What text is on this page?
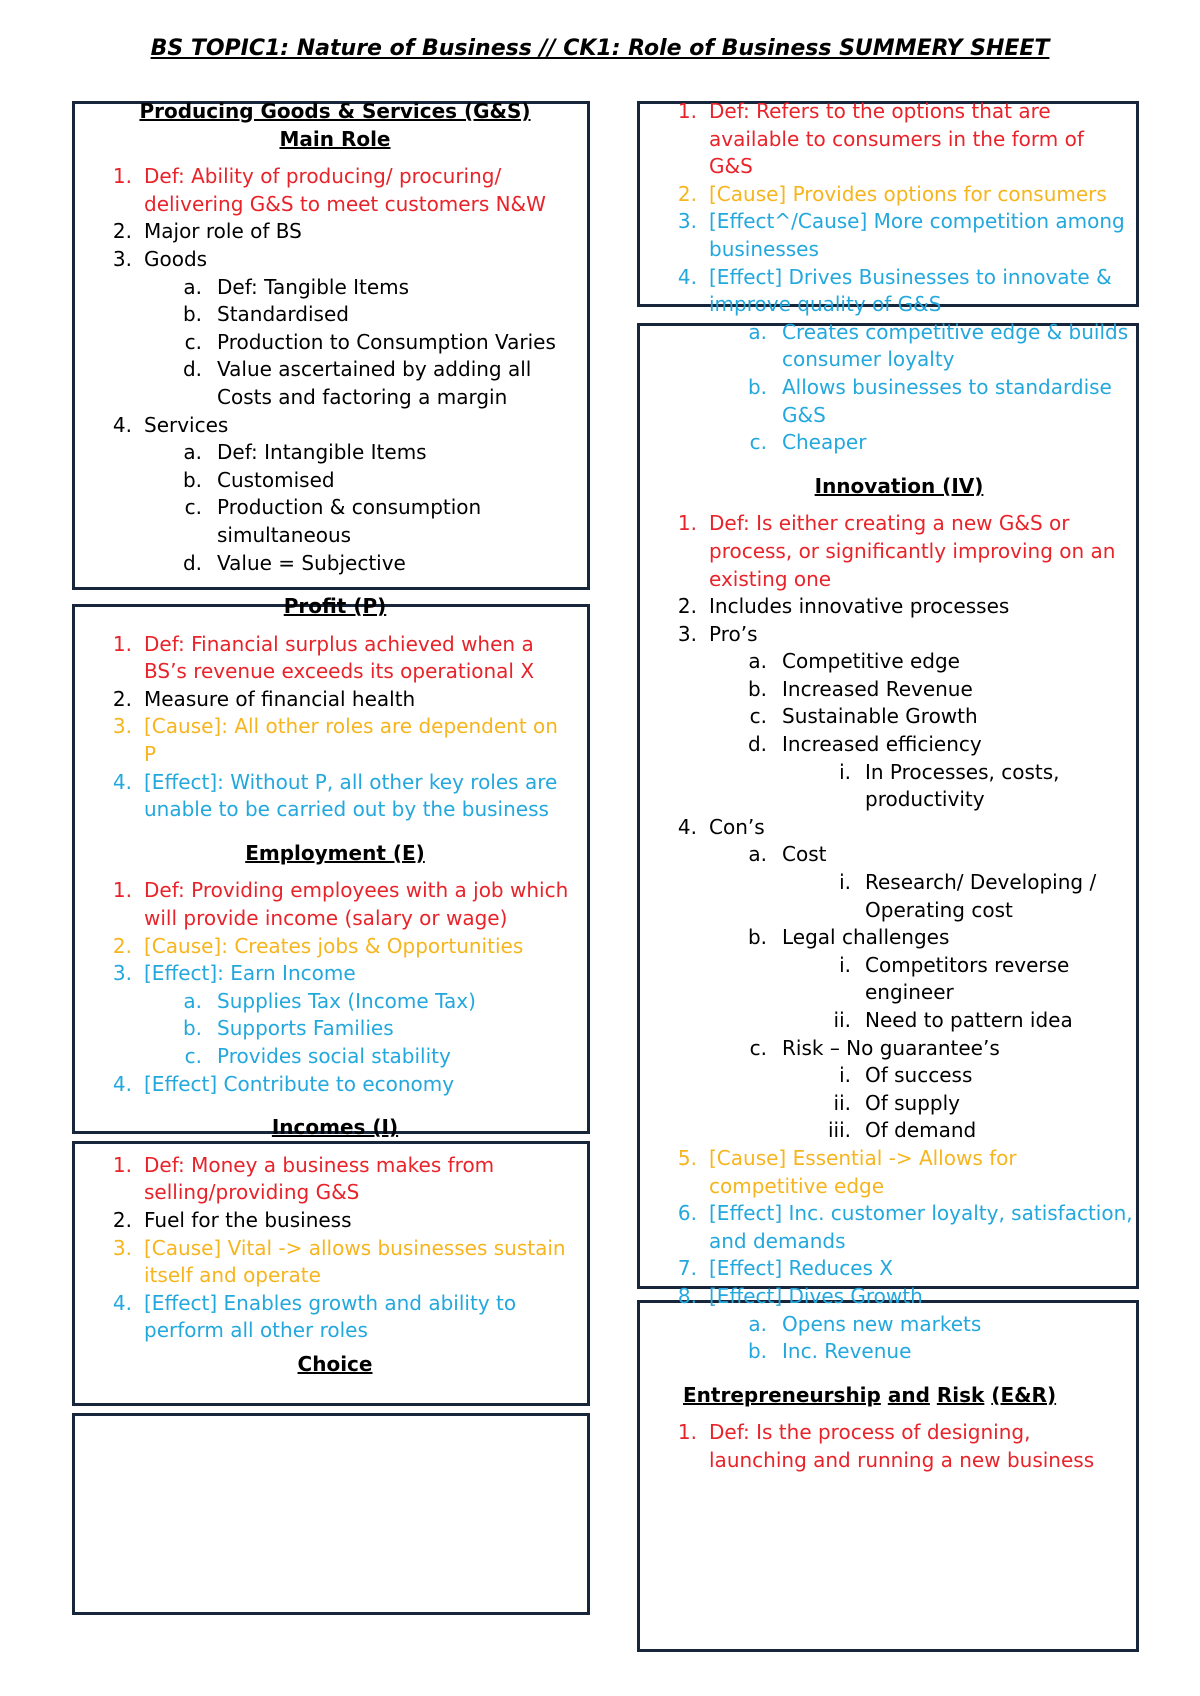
BS TOPIC1: Nature of Business // CK1: Role of Business SUMMERY SHEET
Producing Goods & Services (G&S)
Main Role
1. Def: Ability of producing/ procuring/ delivering G&S to meet customers N&W
2. Major role of BS
3. Goods
a. Def: Tangible Items
b. Standardised
c. Production to Consumption Varies
d. Value ascertained by adding all Costs and factoring a margin
4. Services
a. Def: Intangible Items
b. Customised
c. Production & consumption simultaneous
d. Value = Subjective
Profit (P)
1. Def: Financial surplus achieved when a BS’s revenue exceeds its operational X
2. Measure of financial health
3. [Cause]: All other roles are dependent on P
4. [Effect]: Without P, all other key roles are unable to be carried out by the business
Employment (E)
1. Def: Providing employees with a job which will provide income (salary or wage)
2. [Cause]: Creates jobs & Opportunities
3. [Effect]: Earn Income
a. Supplies Tax (Income Tax)
b. Supports Families
c. Provides social stability
4. [Effect] Contribute to economy
Incomes (I)
1. Def: Money a business makes from selling/providing G&S
2. Fuel for the business
3. [Cause] Vital -> allows businesses sustain itself and operate
4. [Effect] Enables growth and ability to perform all other roles
Choice
1. Def: Refers to the options that are available to consumers in the form of G&S
2. [Cause] Provides options for consumers
3. [Effect^/Cause] More competition among businesses
4. [Effect] Drives Businesses to innovate & improve quality of G&S
a. Creates competitive edge & builds consumer loyalty
b. Allows businesses to standardise G&S
c. Cheaper
Innovation (IV)
1. Def: Is either creating a new G&S or process, or significantly improving on an existing one
2. Includes innovative processes
3. Pro’s
a. Competitive edge
b. Increased Revenue
c. Sustainable Growth
d. Increased efficiency
i. In Processes, costs, productivity
4. Con’s
a. Cost
i. Research/ Developing / Operating cost
b. Legal challenges
i. Competitors reverse engineer
ii. Need to pattern idea
c. Risk – No guarantee’s
i. Of success
ii. Of supply
iii. Of demand
5. [Cause] Essential -> Allows for competitive edge
6. [Effect] Inc. customer loyalty, satisfaction, and demands
7. [Effect] Reduces X
8. [Effect] Dives Growth
a. Opens new markets
b. Inc. Revenue
Entrepreneurship and Risk (E&R)
1. Def: Is the process of designing, launching and running a new business
